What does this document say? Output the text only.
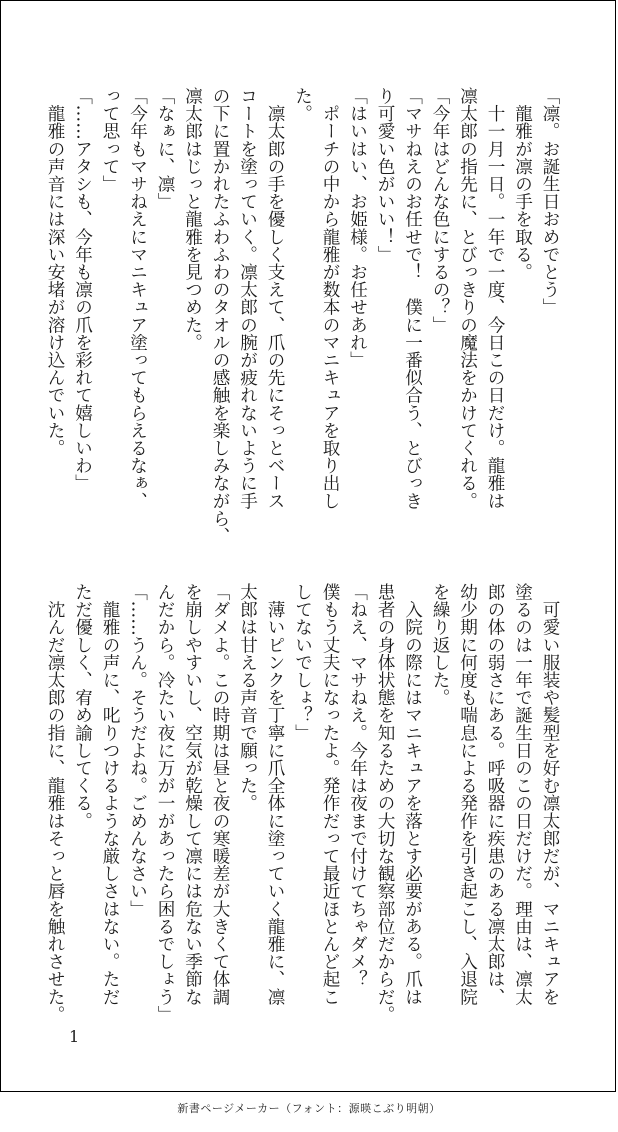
「凛。お誕生日おめでとう」
　龍雅が凛の手を取る。
　十一月一日。一年で一度、今日この日だけ。龍雅は
凛太郎の指先に、とびっきりの魔法をかけてくれる。
「今年はどんな色にするの？」
「マサねえのお任せで！　僕に一番似合う、とびっき
り可愛い色がいい！」
「はいはい、お姫様。お任せあれ」
　ポーチの中から龍雅が数本のマニキュアを取り出し
た。
　凛太郎の手を優しく支えて、爪の先にそっとベース
コートを塗っていく。凛太郎の腕が疲れないように手
の下に置かれたふわふわのタオルの感触を楽しみながら、
凛太郎はじっと龍雅を見つめた。
「なぁに、凛」
「今年もマサねえにマニキュア塗ってもらえるなぁ、
って思って」
「……アタシも、今年も凛の爪を彩れて嬉しいわ」
　龍雅の声音には深い安堵が溶け込んでいた。
　可愛い服装や髪型を好む凛太郎だが、マニキュアを
塗るのは一年で誕生日のこの日だけだ。理由は、凛太
郎の体の弱さにある。呼吸器に疾患のある凛太郎は、
幼少期に何度も喘息による発作を引き起こし、入退院
を繰り返した。
　入院の際にはマニキュアを落とす必要がある。爪は
患者の身体状態を知るための大切な観察部位だからだ。
「ねえ、マサねえ。今年は夜まで付けてちゃダメ？
僕もう丈夫になったよ。発作だって最近ほとんど起こ
してないでしょ？」
　薄いピンクを丁寧に爪全体に塗っていく龍雅に、凛
太郎は甘える声音で願った。
「ダメよ。この時期は昼と夜の寒暖差が大きくて体調
を崩しやすいし、空気が乾燥して凛には危ない季節な
んだから。冷たい夜に万が一があったら困るでしょう」
「……うん。そうだよね。ごめんなさい」
　龍雅の声に、叱りつけるような厳しさはない。ただ
ただ優しく、宥め諭してくる。
　沈んだ凛太郎の指に、龍雅はそっと唇を触れさせた。
1
新書ページメーカー（フォント：源暎こぶり明朝）
